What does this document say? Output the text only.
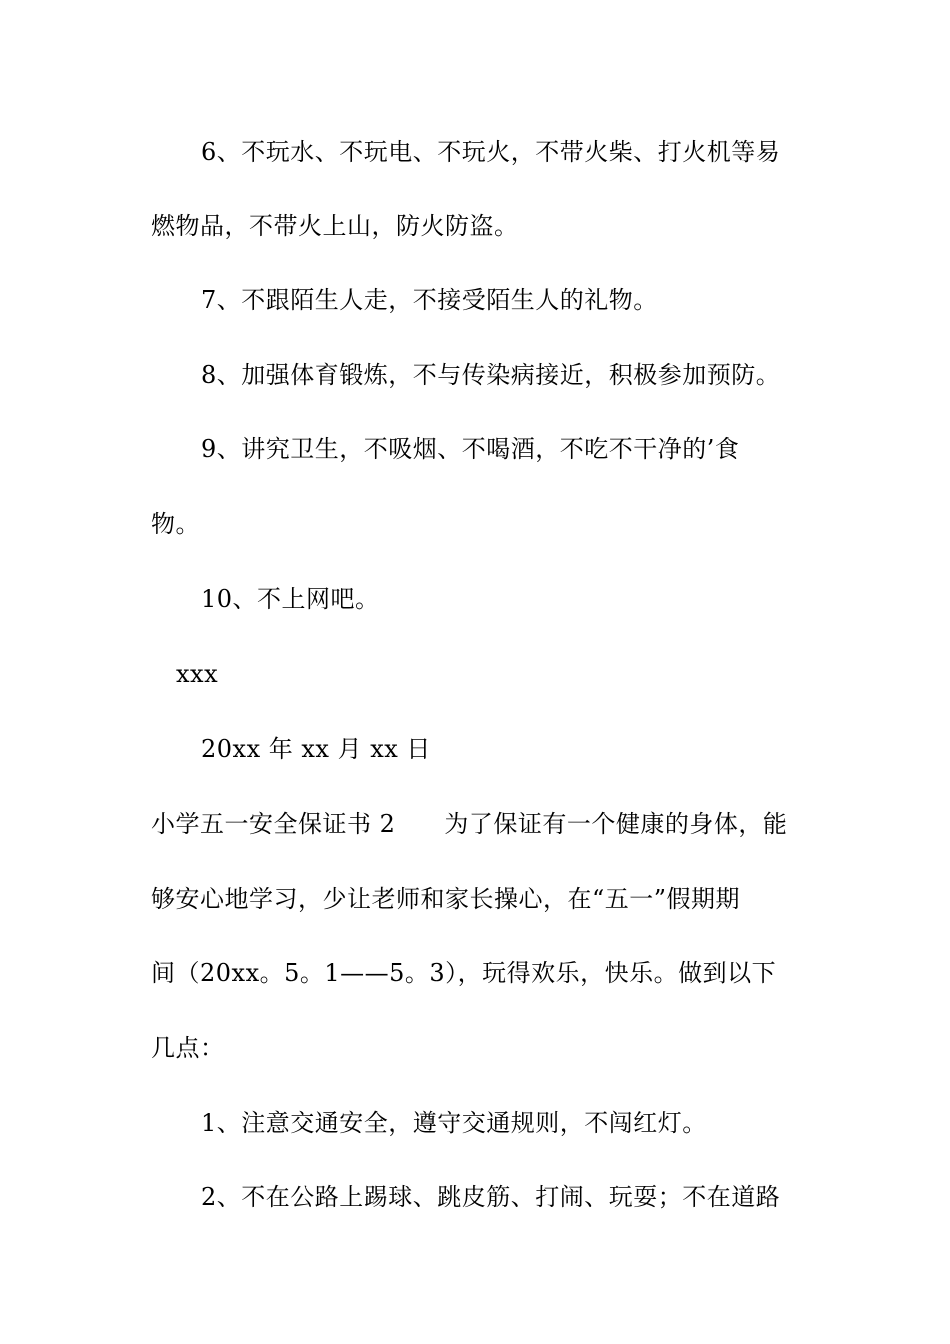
6、不玩水、不玩电、不玩火，不带火柴、打火机等易
燃物品，不带火上山，防火防盗。
7、不跟陌生人走，不接受陌生人的礼物。
8、加强体育锻炼，不与传染病接近，积极参加预防。
9、讲究卫生，不吸烟、不喝酒，不吃不干净的’食
物。
10、不上网吧。
xxx
20xx 年 xx 月 xx 日
小学五一安全保证书 2　　为了保证有一个健康的身体，能
够安心地学习，少让老师和家长操心，在“五一”假期期
间（20xx。5。1——5。3），玩得欢乐，快乐。做到以下
几点：
1、注意交通安全，遵守交通规则，不闯红灯。
2、不在公路上踢球、跳皮筋、打闹、玩耍；不在道路
